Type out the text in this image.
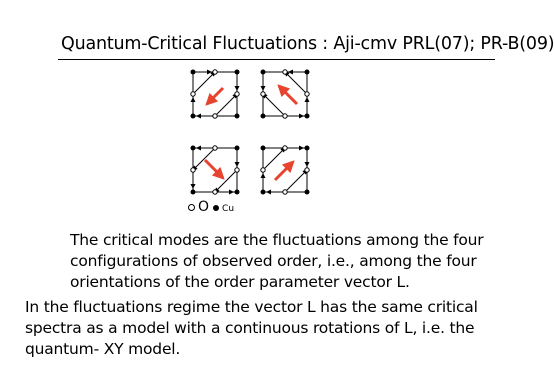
Quantum-Critical Fluctuations : Aji-cmv PRL(07); PR-B(09)
O Cu
The critical modes are the fluctuations among the four configurations of observed order, i.e., among the four orientations of the order parameter vector L.
In the fluctuations regime the vector L has the same critical spectra as a model with a continuous rotations of L, i.e. the quantum- XY model.
